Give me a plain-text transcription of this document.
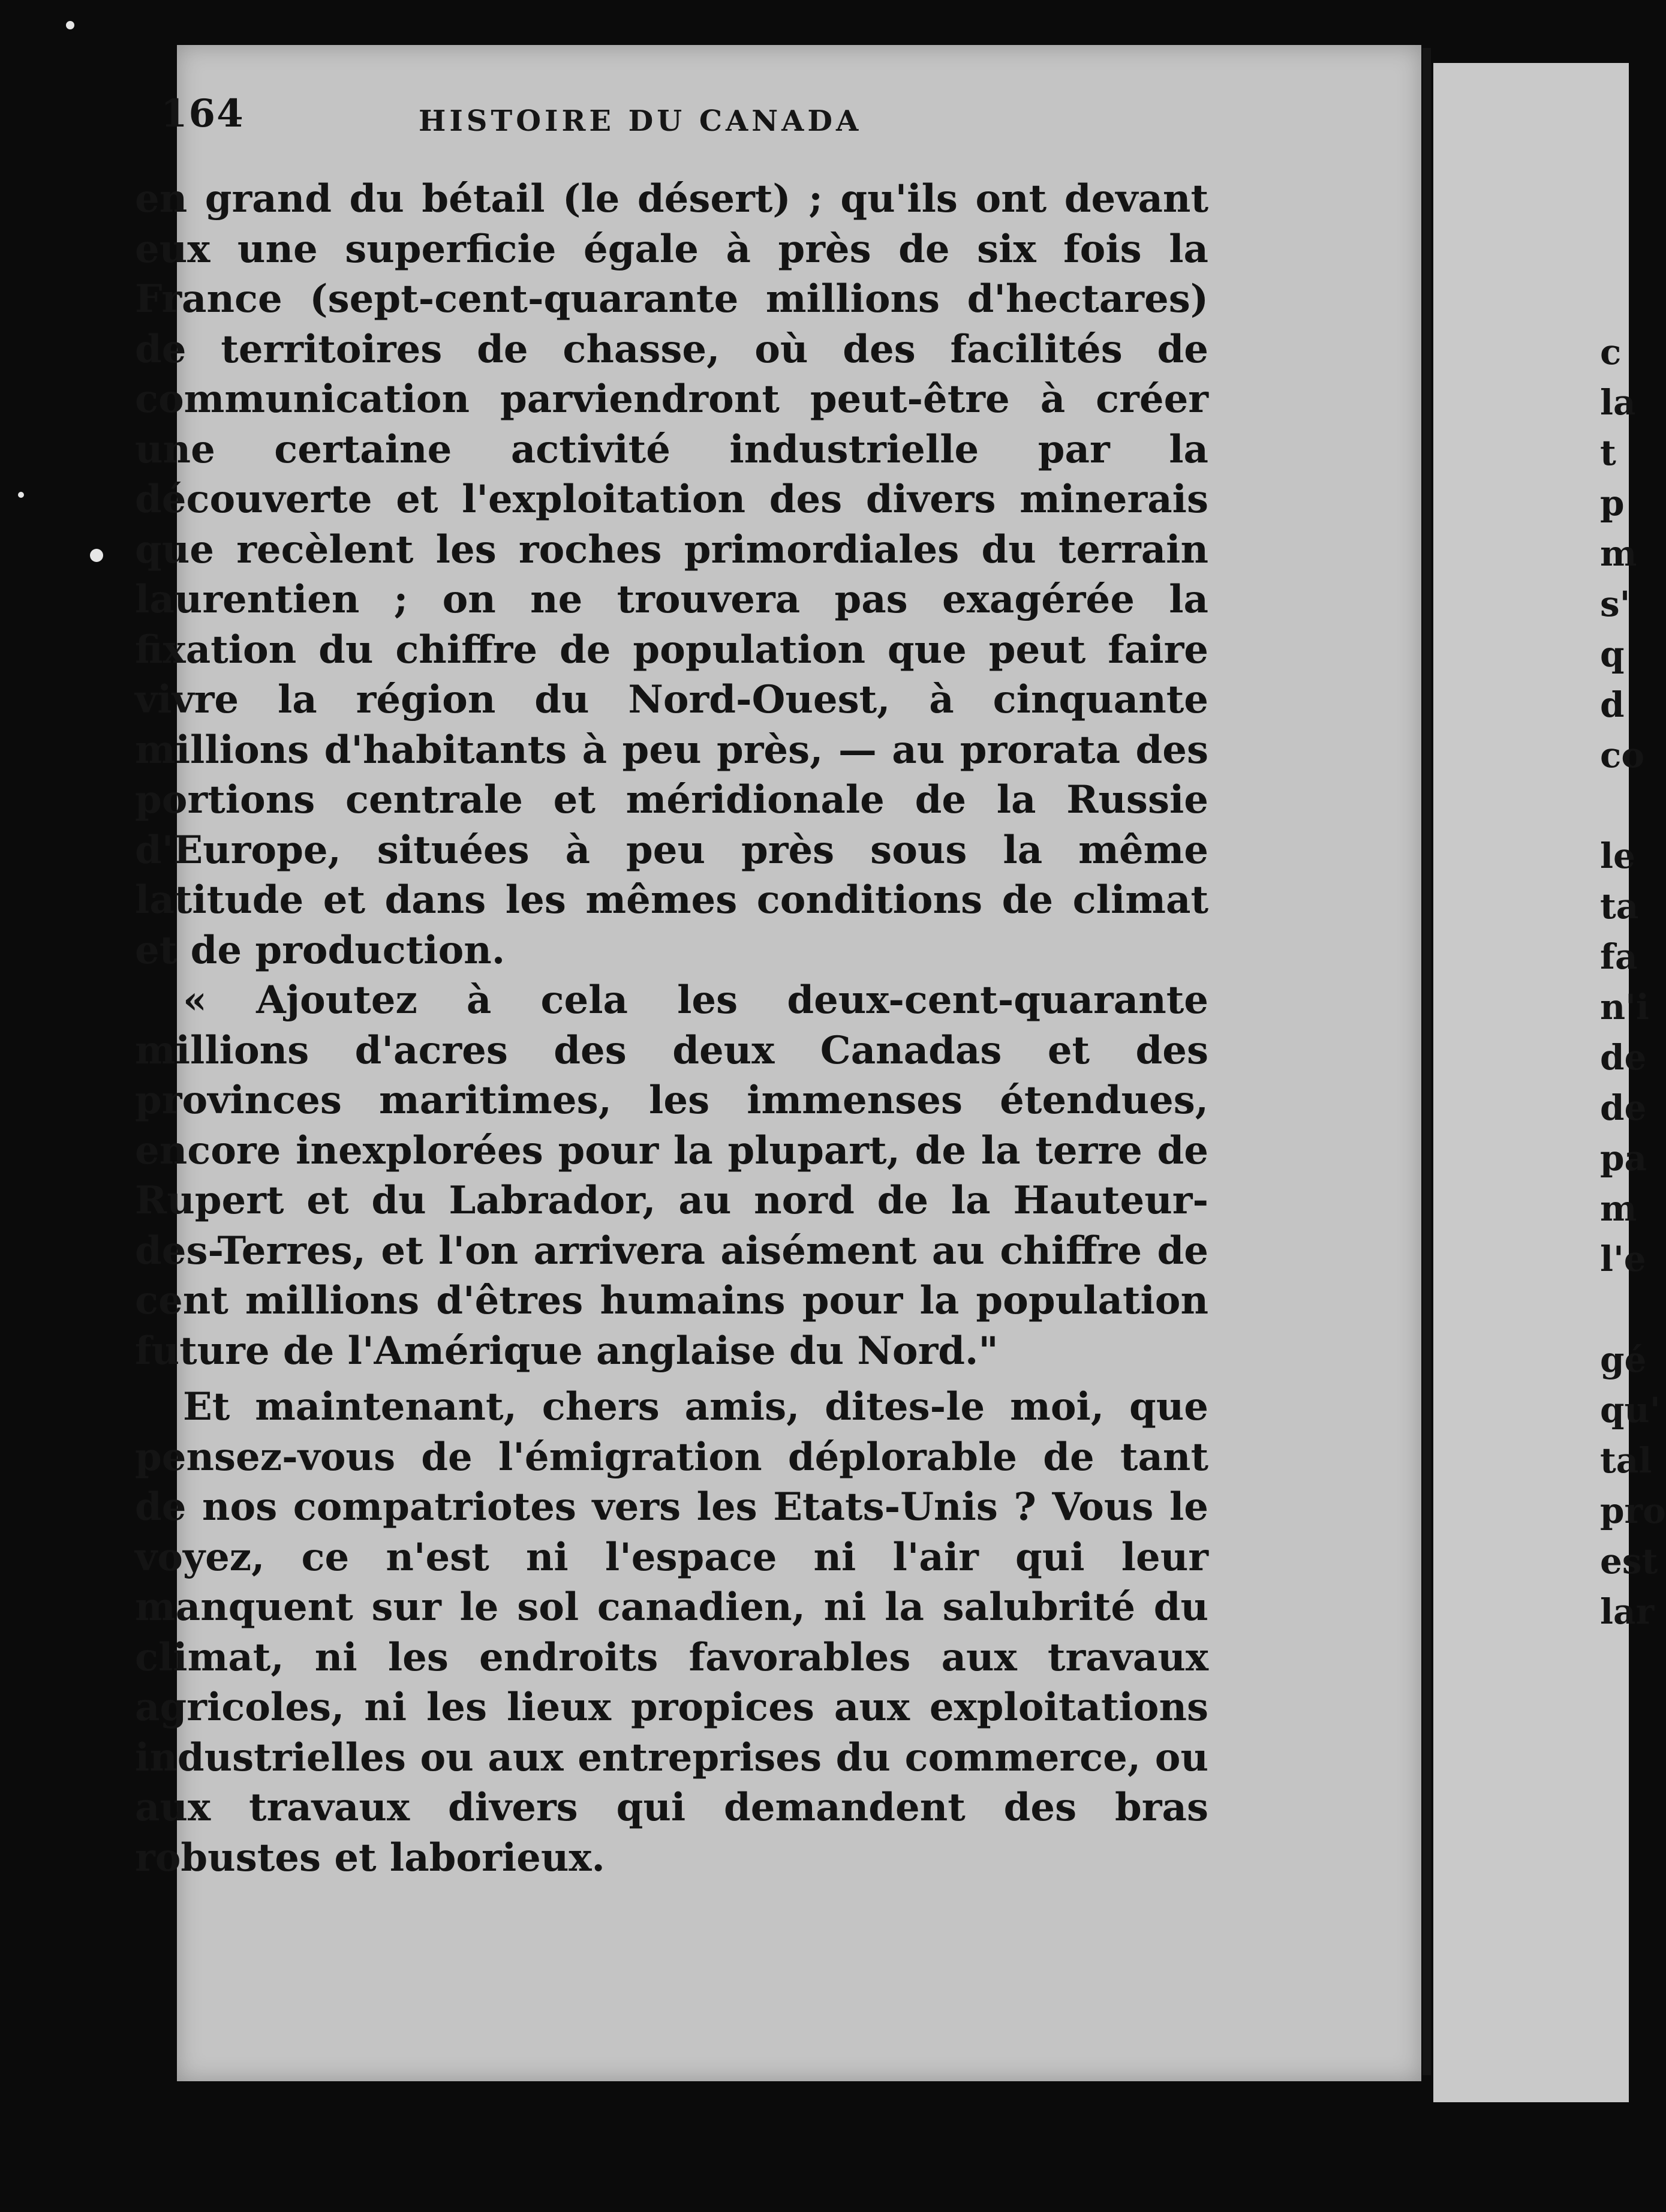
164	HISTOIRE DU CANADA

en grand du bétail (le désert) ; qu'ils ont devant eux une superficie égale à près de six fois la France (sept-cent-quarante millions d'hectares) de territoires de chasse, où des facilités de communication parviendront peut-être à créer une certaine activité industrielle par la découverte et l'exploitation des divers minerais que recèlent les roches primordiales du terrain laurentien ; on ne trouvera pas exagérée la fixation du chiffre de population que peut faire vivre la région du Nord-Ouest, à cinquante millions d'habitants à peu près, — au prorata des portions centrale et méridionale de la Russie d'Europe, situées à peu près sous la même latitude et dans les mêmes conditions de climat et de production.

« Ajoutez à cela les deux-cent-quarante millions d'acres des deux Canadas et des provinces maritimes, les immenses étendues, encore inexplorées pour la plupart, de la terre de Rupert et du Labrador, au nord de la Hauteur-des-Terres, et l'on arrivera aisément au chiffre de cent millions d'êtres humains pour la population future de l'Amérique anglaise du Nord."

Et maintenant, chers amis, dites-le moi, que pensez-vous de l'émigration déplorable de tant de nos compatriotes vers les Etats-Unis ? Vous le voyez, ce n'est ni l'espace ni l'air qui leur manquent sur le sol canadien, ni la salubrité du climat, ni les endroits favorables aux travaux agricoles, ni les lieux propices aux exploitations industrielles ou aux entreprises du commerce, ou aux travaux divers qui demandent des bras robustes et laborieux.

c
la
t
p
m
s'
q
d
co

le
ta
fa
n'i
de
de
pa
m
l'e

gé
qu'
tal
pro
est
lar
